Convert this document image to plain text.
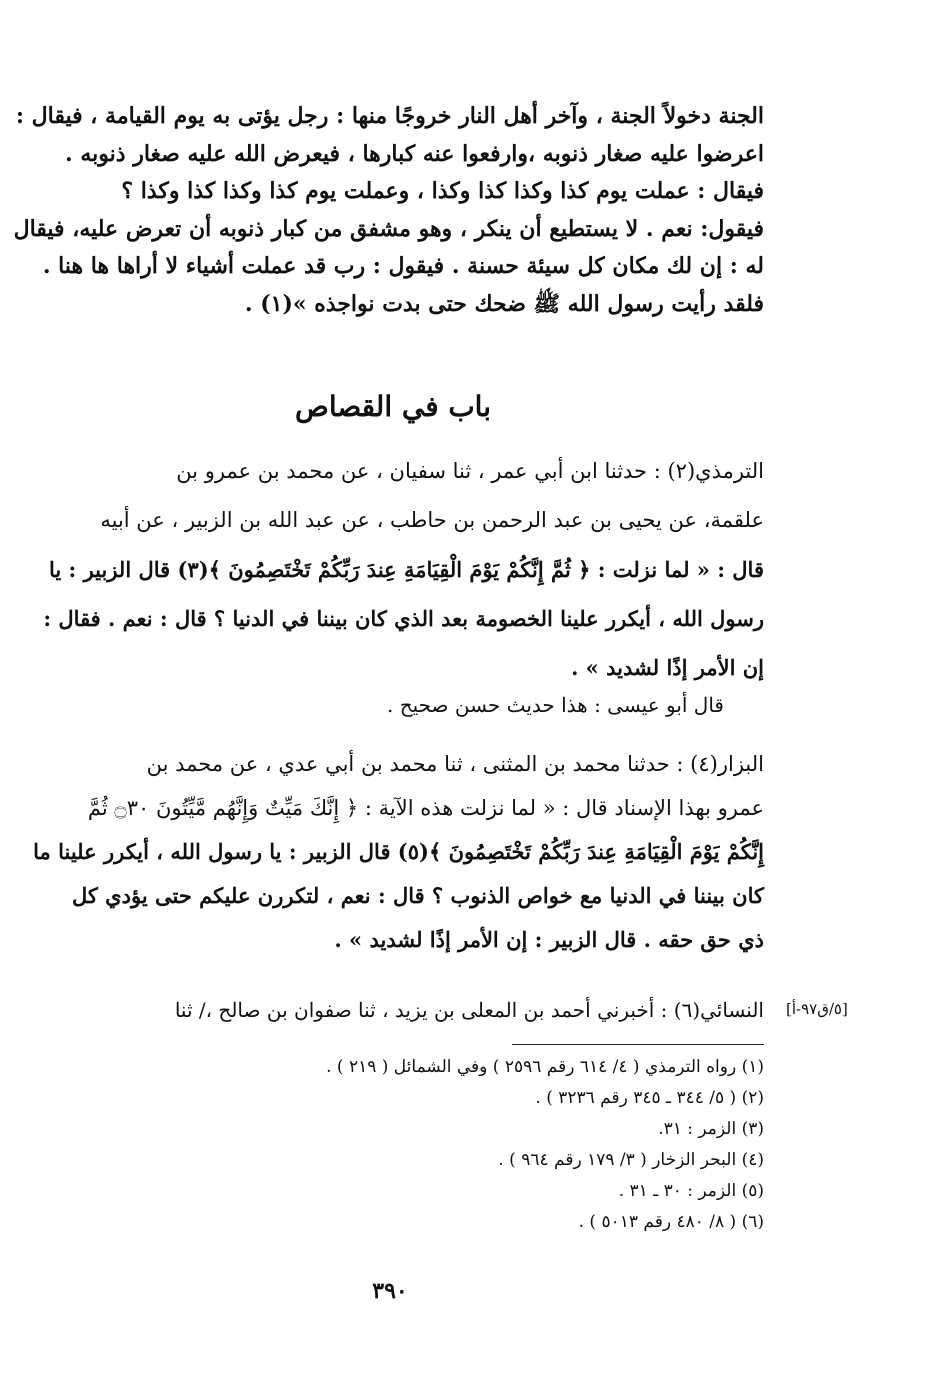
الجنة دخولاً الجنة ، وآخر أهل النار خروجًا منها : رجل يؤتى به يوم القيامة ، فيقال :
اعرضوا عليه صغار ذنوبه ،وارفعوا عنه كبارها ، فيعرض الله عليه صغار ذنوبه .
فيقال : عملت يوم كذا وكذا كذا وكذا ، وعملت يوم كذا وكذا كذا وكذا ؟
فيقول: نعم . لا يستطيع أن ينكر ، وهو مشفق من كبار ذنوبه أن تعرض عليه، فيقال
له : إن لك مكان كل سيئة حسنة . فيقول : رب قد عملت أشياء لا أراها ها هنا .
فلقد رأيت رسول الله ﷺ ضحك حتى بدت نواجذه »(١) .
باب في القصاص
الترمذي(٢) : حدثنا ابن أبي عمر ، ثنا سفيان ، عن محمد بن عمرو بن
علقمة، عن يحيى بن عبد الرحمن بن حاطب ، عن عبد الله بن الزبير ، عن أبيه
قال : « لما نزلت : ﴿ ثُمَّ إِنَّكُمْ يَوْمَ الْقِيَامَةِ عِندَ رَبِّكُمْ تَخْتَصِمُونَ ﴾(٣) قال الزبير : يا
رسول الله ، أيكرر علينا الخصومة بعد الذي كان بيننا في الدنيا ؟ قال : نعم . فقال :
إن الأمر إذًا لشديد » .
قال أبو عيسى : هذا حديث حسن صحيح .
البزار(٤) : حدثنا محمد بن المثنى ، ثنا محمد بن أبي عدي ، عن محمد بن
عمرو بهذا الإسناد قال : « لما نزلت هذه الآية : ﴿ إِنَّكَ مَيِّتٌ وَإِنَّهُم مَّيِّتُونَ ۝٣٠ ثُمَّ
إِنَّكُمْ يَوْمَ الْقِيَامَةِ عِندَ رَبِّكُمْ تَخْتَصِمُونَ ﴾(٥) قال الزبير : يا رسول الله ، أيكرر علينا ما
كان بيننا في الدنيا مع خواص الذنوب ؟ قال : نعم ، لتكررن عليكم حتى يؤدي كل
ذي حق حقه . قال الزبير : إن الأمر إذًا لشديد » .
النسائي(٦) : أخبرني أحمد بن المعلى بن يزيد ، ثنا صفوان بن صالح ،/ ثنا [٥/ق٩٧-أ]
(١) رواه الترمذي ( ٤/ ٦١٤ رقم ٢٥٩٦ ) وفي الشمائل ( ٢١٩ ) .
(٢) ( ٥/ ٣٤٤ ـ ٣٤٥ رقم ٣٢٣٦ ) .
(٣) الزمر : ٣١.
(٤) البحر الزخار ( ٣/ ١٧٩ رقم ٩٦٤ ) .
(٥) الزمر : ٣٠ ـ ٣١ .
(٦) ( ٨/ ٤٨٠ رقم ٥٠١٣ ) .
٣٩٠
